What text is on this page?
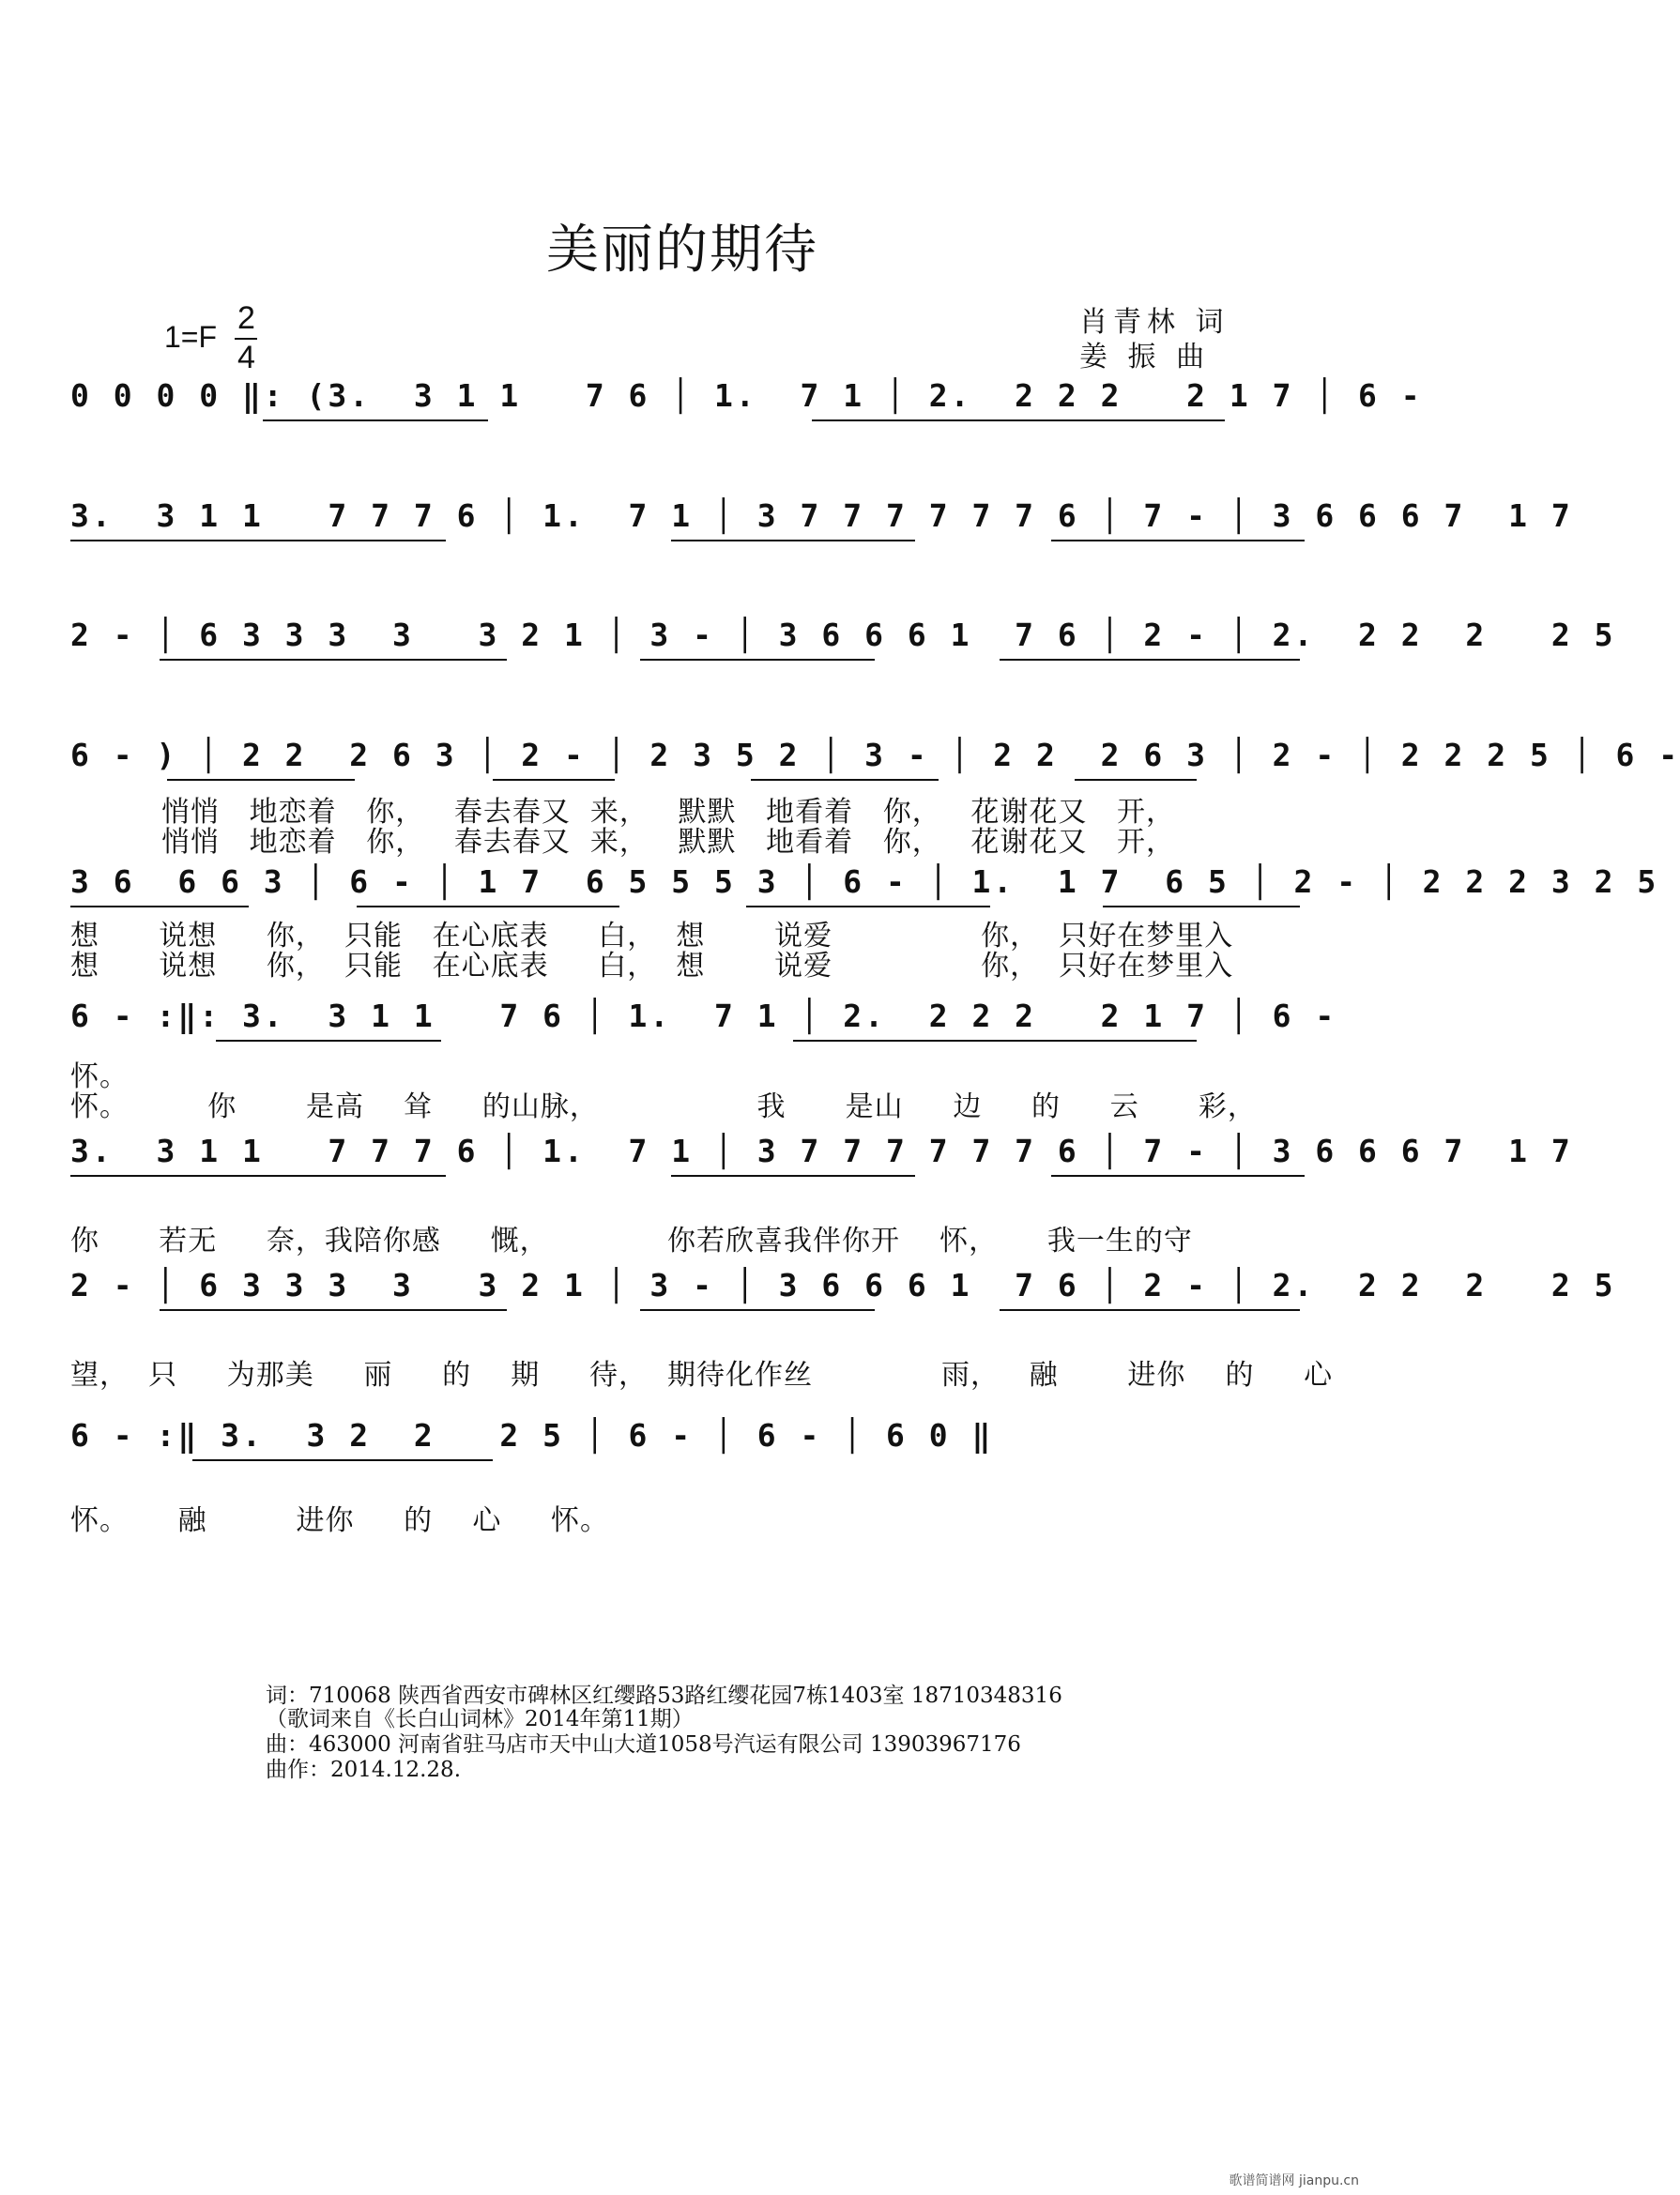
美丽的期待
1=F
2
4
肖青林 词
姜 振 曲
0 0 0 0 ‖: (3.  3 1 1   7 6 │ 1.  7 1 │ 2.  2 2 2   2 1 7 │ 6 -
3.  3 1 1   7 7 7 6 │ 1.  7 1 │ 3 7 7 7 7 7 7 6 │ 7 - │ 3 6 6 6 7  1 7
2 - │ 6 3 3 3  3   3 2 1 │ 3 - │ 3 6 6 6 1  7 6 │ 2 - │ 2.  2 2  2   2 5
6 - ) │ 2 2  2 6 3 │ 2 - │ 2 3 5 2 │ 3 - │ 2 2  2 6 3 │ 2 - │ 2 2 2 5 │ 6 -
悄悄   地恋着   你，   春去春又  来，   默默   地看着   你，   花谢花又   开，
悄悄   地恋着   你，   春去春又  来，   默默   地看着   你，   花谢花又   开，
3 6  6 6 3 │ 6 - │ 1 7  6 5 5 5 3 │ 6 - │ 1.  1 7  6 5 │ 2 - │ 2 2 2 3 2 5
想      说想     你，  只能   在心底表     白，  想       说爱               你，  只好在梦里入
想      说想     你，  只能   在心底表     白，  想       说爱               你，  只好在梦里入
6 - :‖: 3.  3 1 1   7 6 │ 1.  7 1 │ 2.  2 2 2   2 1 7 │ 6 -
怀。
怀。        你       是高    耸     的山脉，                我      是山     边     的     云      彩，
3.  3 1 1   7 7 7 6 │ 1.  7 1 │ 3 7 7 7 7 7 7 6 │ 7 - │ 3 6 6 6 7  1 7
你      若无     奈，我陪你感     慨，            你若欣喜我伴你开    怀，     我一生的守
2 - │ 6 3 3 3  3   3 2 1 │ 3 - │ 3 6 6 6 1  7 6 │ 2 - │ 2.  2 2  2   2 5
望，  只     为那美     丽     的    期     待，  期待化作丝             雨，   融       进你    的     心
6 - :‖ 3.  3 2  2   2 5 │ 6 - │ 6 - │ 6 0 ‖
怀。     融         进你     的    心     怀。
词：710068 陕西省西安市碑林区红缨路53路红缨花园7栋1403室 18710348316
（歌词来自《长白山词林》2014年第11期）
曲：463000 河南省驻马店市天中山大道1058号汽运有限公司 13903967176
曲作：2014.12.28.
歌谱简谱网 jianpu.cn
